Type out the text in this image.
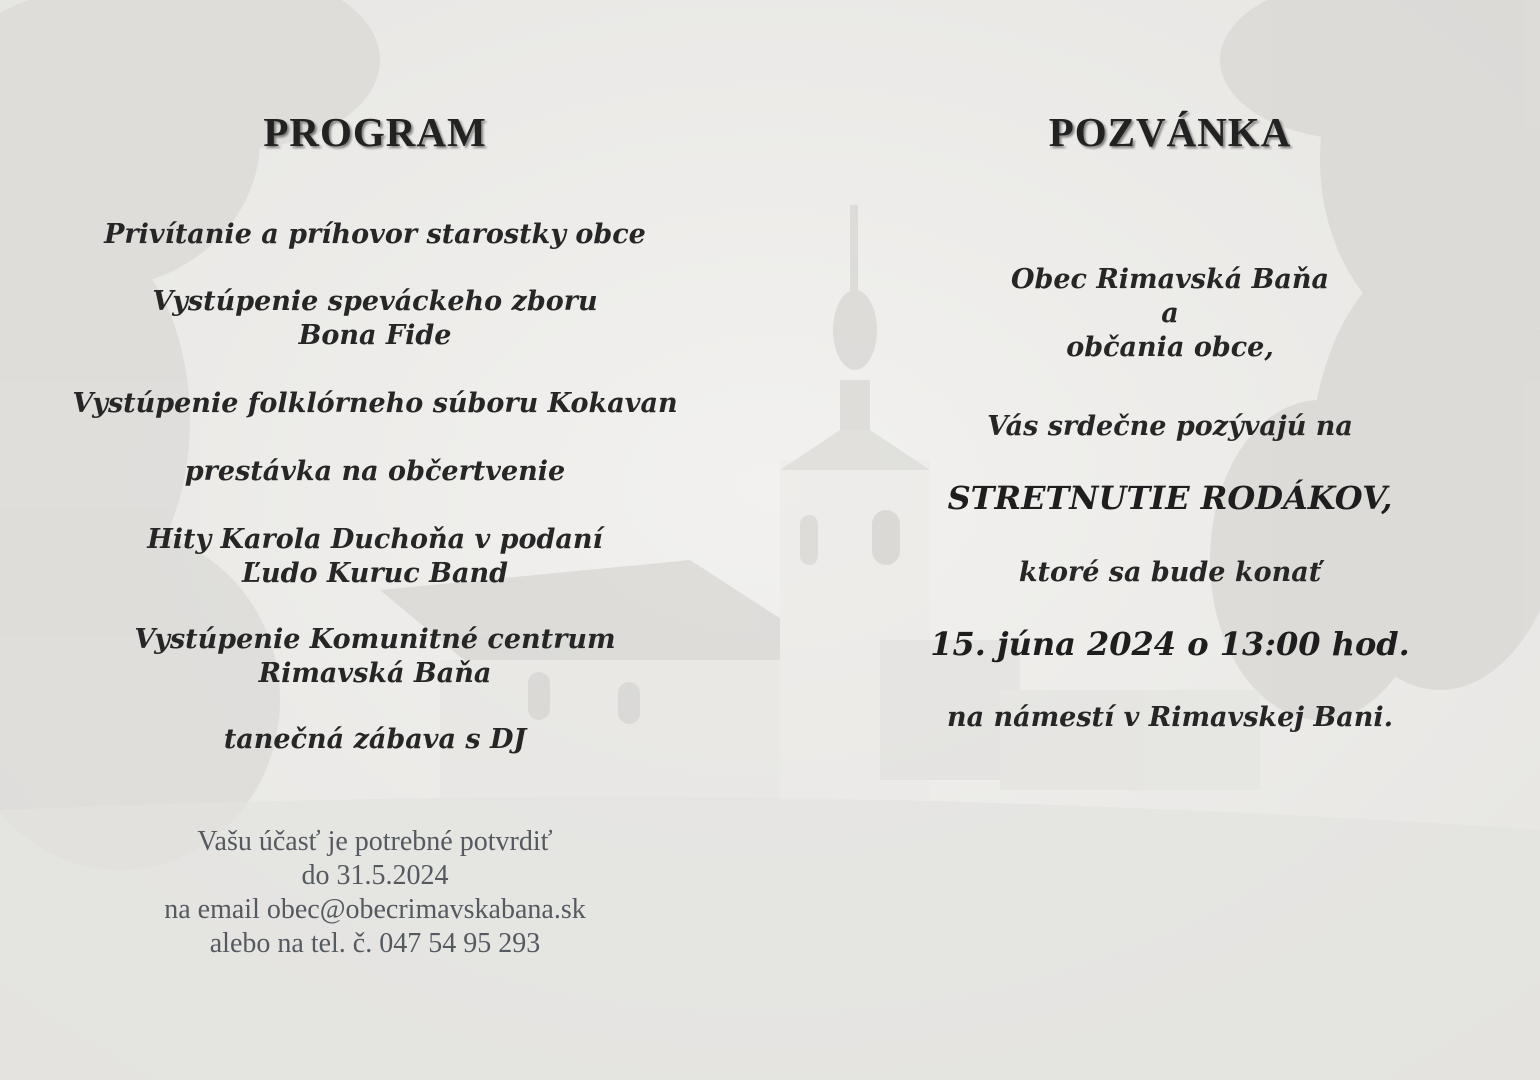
PROGRAM
Privítanie a príhovor starostky obce
Vystúpenie speváckeho zboru
Bona Fide
Vystúpenie folklórneho súboru Kokavan
prestávka na občertvenie
Hity Karola Duchoňa v podaní
Ľudo Kuruc Band
Vystúpenie Komunitné centrum
Rimavská Baňa
tanečná zábava s DJ
Vašu účasť je potrebné potvrdiť
do 31.5.2024
na email obec@obecrimavskabana.sk
alebo na tel. č. 047 54 95 293
POZVÁNKA
Obec Rimavská Baňa
a
občania obce,
Vás srdečne pozývajú na
STRETNUTIE RODÁKOV,
ktoré sa bude konať
15. júna 2024 o 13:00 hod.
na námestí v Rimavskej Bani.
